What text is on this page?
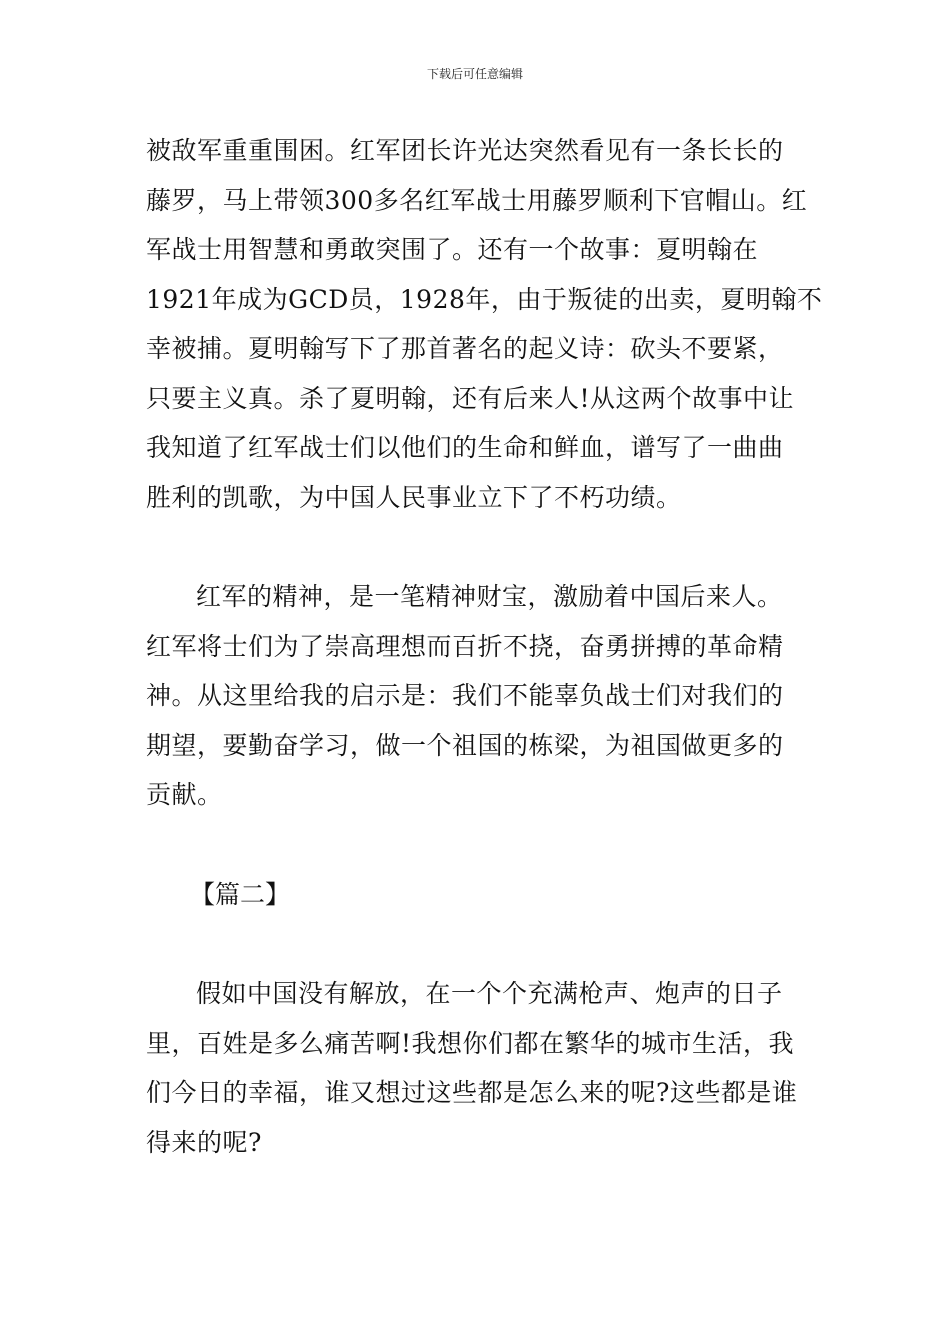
下载后可任意编辑
被敌军重重围困。红军团长许光达突然看见有一条长长的
藤罗，马上带领300多名红军战士用藤罗顺利下官帽山。红
军战士用智慧和勇敢突围了。还有一个故事：夏明翰在
1921年成为GCD员，1928年，由于叛徒的出卖，夏明翰不
幸被捕。夏明翰写下了那首著名的起义诗：砍头不要紧，
只要主义真。杀了夏明翰，还有后来人!从这两个故事中让
我知道了红军战士们以他们的生命和鲜血，谱写了一曲曲
胜利的凯歌，为中国人民事业立下了不朽功绩。
红军的精神，是一笔精神财宝，激励着中国后来人。
红军将士们为了崇高理想而百折不挠，奋勇拼搏的革命精
神。从这里给我的启示是：我们不能辜负战士们对我们的
期望，要勤奋学习，做一个祖国的栋梁，为祖国做更多的
贡献。
【篇二】
假如中国没有解放，在一个个充满枪声、炮声的日子
里，百姓是多么痛苦啊!我想你们都在繁华的城市生活，我
们今日的幸福，谁又想过这些都是怎么来的呢?这些都是谁
得来的呢?
